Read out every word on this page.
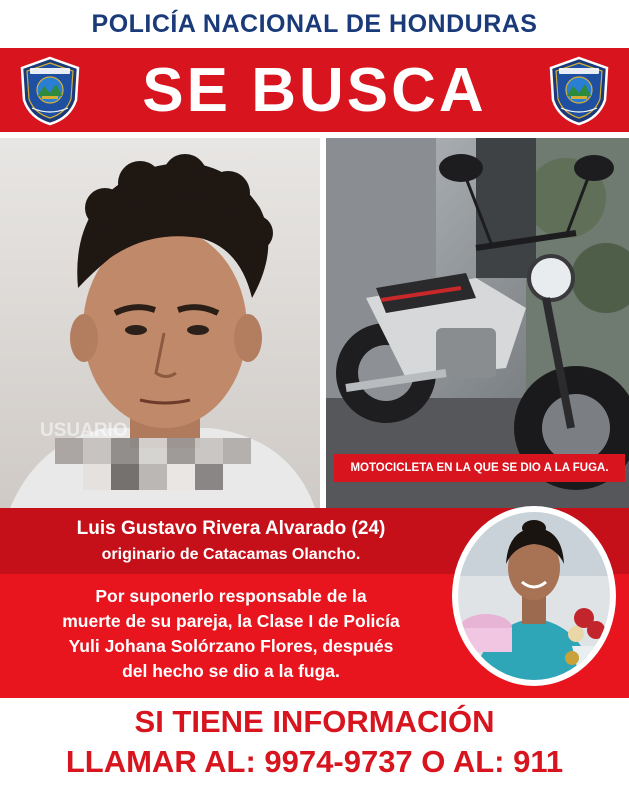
POLICÍA NACIONAL DE HONDURAS
SE BUSCA
USUARIO
MOTOCICLETA EN LA QUE SE DIO A LA FUGA.
Luis Gustavo Rivera Alvarado (24)
originario de Catacamas Olancho.
Por suponerlo responsable de la
muerte de su pareja, la Clase I de Policía
Yuli Johana Solórzano Flores, después
del hecho se dio a la fuga.
SI TIENE INFORMACIÓN
LLAMAR AL: 9974-9737 O AL: 911
